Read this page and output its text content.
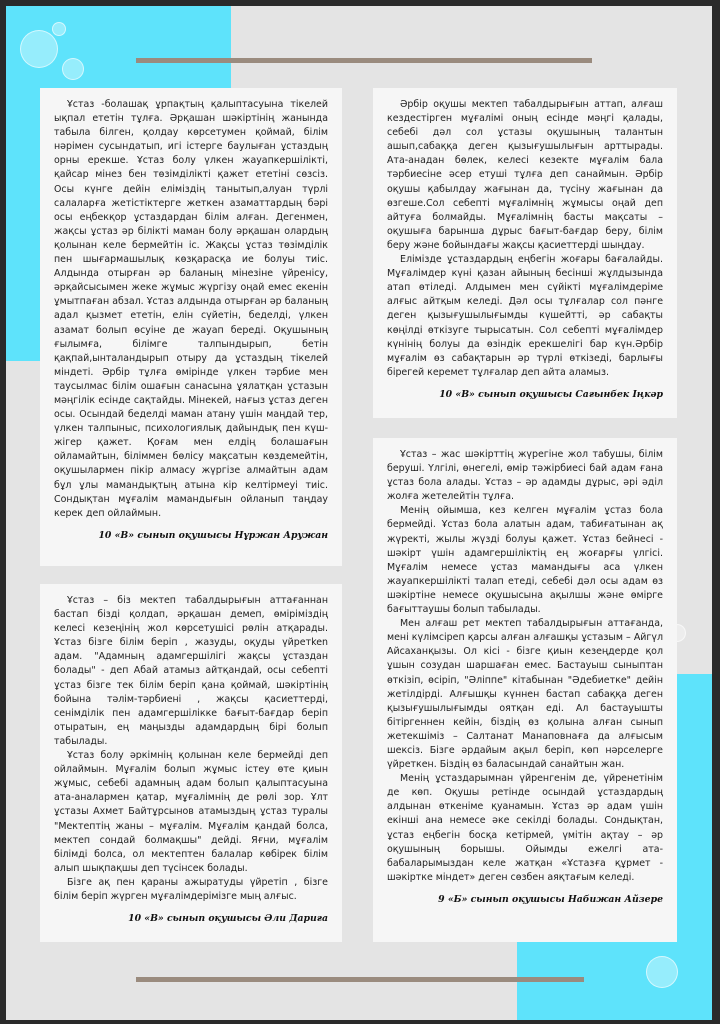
Ұстаз -болашақ ұрпақтың қалыптасуына тікелей ықпал ететін тұлға. Әрқашан шәкіртінің жанында табыла білген, қолдау көрсетумен қоймай, білім нәрімен сусындатып, игі істерге баулыған ұстаздың орны ерекше. Ұстаз болу үлкен жауапкершілікті, қайсар мінез бен төзімділікті қажет ететіні сөзсіз. Осы күнге дейін еліміздің танытып,алуан түрлі салаларға жетістіктерге жеткен азаматтардың бәрі осы еңбекқор ұстаздардан білім алған. Дегенмен, жақсы ұстаз әр білікті маман болу әрқашан олардың қолынан келе бермейтін іс. Жақсы ұстаз төзімділік пен шығармашылық көзқарасқа ие болуы тиіс. Алдында отырған әр баланың мінезіне үйренісу, әрқайсысымен жеке жұмыс жүргізу оңай емес екенін ұмытпаған абзал. Ұстаз алдында отырған әр баланың адал қызмет ететін, елін сүйетін, беделді, үлкен азамат болып өсуіне де жауап береді. Оқушының ғылымға, білімге талпындырып, бетін қақпай,ынталандырып отыру да ұстаздың тікелей міндеті. Әрбір тұлға өмірінде үлкен тәрбие мен таусылмас білім ошағын санасына ұялатқан ұстазын мәңгілік есінде сақтайды. Мінекей, нағыз ұстаз деген осы. Осындай беделді маман атану үшін маңдай тер, үлкен талпыныс, психологиялық дайындық пен күш-жігер қажет. Қоғам мен елдің болашағын ойламайтын, біліммен бөлісу мақсатын көздемейтін, оқушылармен пікір алмасу жүргізе алмайтын адам бұл ұлы мамандықтың атына кір келтірмеуі тиіс. Сондықтан мұғалім мамандығын ойланып таңдау керек деп ойлаймын.

10 «В» сынып оқушысы Нұржан Аружан

Әрбір оқушы мектеп табалдырығын аттап, алғаш кездестірген мұғалімі оның есінде мәңгі қалады, себебі дәл сол ұстазы оқушының талантын ашып,сабаққа деген қызығушылығын арттырады. Ата-анадан бөлек, келесі кезекте мұғалім бала тәрбиесіне әсер етуші тұлға деп санаймын. Әрбір оқушы қабылдау жағынан да, түсіну жағынан да өзгеше.Сол себепті мұғалімнің жұмысы оңай деп айтуға болмайды. Мұғалімнің басты мақсаты – оқушыға барынша дұрыс бағыт-бағдар беру, білім беру және бойындағы жақсы қасиеттерді шыңдау.

Елімізде ұстаздардың еңбегін жоғары бағалайды. Мұғалімдер күні қазан айының бесінші жұлдызында атап өтіледі. Алдымен мен сүйікті мұғалімдеріме алғыс айтқым келеді. Дәл осы тұлғалар сол пәнге деген қызығушылығымды күшейтті, әр сабақты көңілді өткізуге тырысатын. Сол себепті мұғалімдер күнінің болуы да өзіндік ерекшелігі бар күн.Әрбір мұғалім өз сабақтарын әр түрлі өткізеді, барлығы бірегей керемет тұлғалар деп айта аламыз.

10 «В» сынып оқушысы Сағынбек Іңкәр

Ұстаз – біз мектеп табалдырығын аттағаннан бастап бізді қолдап, әрқашан демеп, өміріміздің келесі кезеңінің жол көрсетушісі рөлін атқарады. Ұстаз бізге білім беріп , жазуды, оқуды үйретken адам. "Адамның адамгершілігі жақсы ұстаздан болады" - деп Абай атамыз айтқандай, осы себепті ұстаз бізге тек білім беріп қана қоймай, шәкіртінің бойына тәлім-тәрбиені , жақсы қасиеттерді, сенімділік пен адамгершілікке бағыт-бағдар беріп отыратын, ең маңызды адамдардың бірі болып табылады.

Ұстаз болу әркімнің қолынан келе бермейді деп ойлаймын. Мұғалім болып жұмыс істеу өте қиын жұмыс, себебі адамның адам болып қалыптасуына ата-аналармен қатар, мұғалімнің де рөлі зор. Ұлт ұстазы Ахмет Байтұрсынов атамыздың ұстаз туралы "Мектептің жаны – мұғалім. Мұғалім қандай болса, мектеп сондай болмақшы" дейді. Яғни, мұғалім білімді болса, ол мектептен балалар көбірек білім алып шықпақшы деп түсінсек болады.

Бізге ақ пен қараны ажыратуды үйретіп , бізге білім беріп жүрген мұғалімдерімізге мың алғыс.

10 «В» сынып оқушысы Әли Дариға

Ұстаз – жас шәкірттің жүрегіне жол табушы, білім беруші. Үлгілі, өнегелі, өмір тәжірбиесі бай адам ғана ұстаз бола алады. Ұстаз – әр адамды дұрыс, әрі әділ жолға жетелейтін тұлға.

Менің ойымша, кез келген мұғалім ұстаз бола бермейді. Ұстаз бола алатын адам, табиғатынан ақ жүректі, жылы жүзді болуы қажет. Ұстаз бейнесі - шәкірт үшін адамгершіліктің ең жоғарғы үлгісі. Мұғалім немесе ұстаз мамандығы аса үлкен жауапкершілікті талап етеді, себебі дәл осы адам өз шәкіртіне немесе оқушысына ақылшы және өмірге бағыттаушы болып табылады.

Мен алғаш рет мектеп табалдырығын аттағанда, мені күлімсіреп қарсы алған алғашқы ұстазым – Айгүл Айсаханқызы. Ол кісі - бізге қиын кезеңдерде қол ұшын созудан шаршаған емес. Бастауыш сыныптан өткізіп, өсіріп, "Әліппе" кітабынан "Әдебиетке" дейін жетілдірді. Алғышқы күннен бастап сабаққа деген қызығушылығымды оятқан еді. Ал бастауышты бітіргеннен кейін, біздің өз қолына алған сынып жетекшіміз – Салтанат Манаповнаға да алғысым шексіз. Бізге әрдайым ақыл беріп, көп нәрселерге үйреткен. Біздің өз баласындай санайтын жан.

Менің ұстаздарымнан үйренгенім де, үйренетінім де көп. Оқушы ретінде осындай ұстаздардың алдынан өткеніме қуанамын. Ұстаз әр адам үшін екінші ана немесе әке секілді болады. Сондықтан, ұстаз еңбегін босқа кетірмей, үмітін ақтау – әр оқушының борышы. Ойымды ежелгі ата-бабаларымыздан келе жатқан «Ұстазға құрмет - шәкіртке міндет» деген сөзбен аяқтағым келеді.

9 «Б» сынып оқушысы Набижан Айзере
